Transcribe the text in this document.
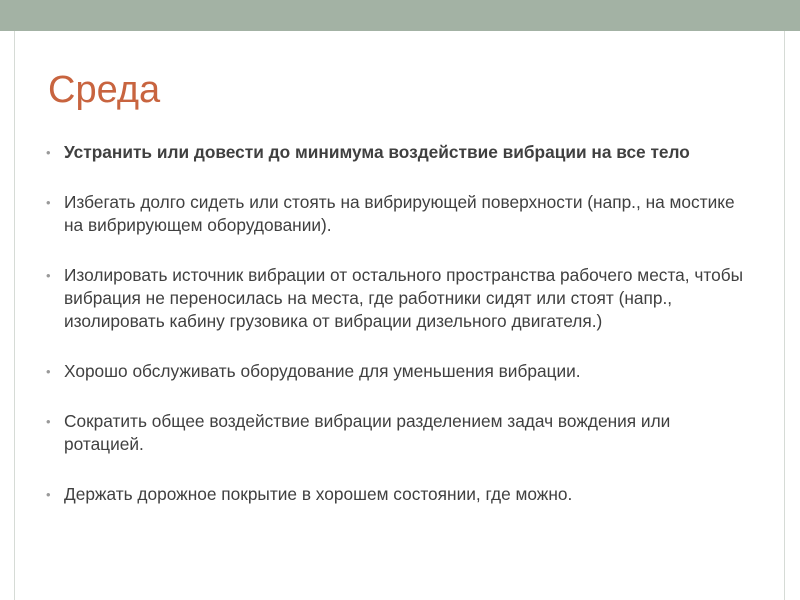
Среда
• Устранить или довести до минимума воздействие вибрации на все тело
• Избегать долго сидеть или стоять на вибрирующей поверхности (напр., на мостике на вибрирующем оборудовании).
• Изолировать источник вибрации от остального пространства рабочего места, чтобы вибрация не переносилась на места, где работники сидят или стоят (напр., изолировать кабину грузовика от вибрации дизельного двигателя.)
• Хорошо обслуживать оборудование для уменьшения вибрации.
• Сократить общее воздействие вибрации разделением задач вождения или ротацией.
• Держать дорожное покрытие в хорошем состоянии, где можно.
